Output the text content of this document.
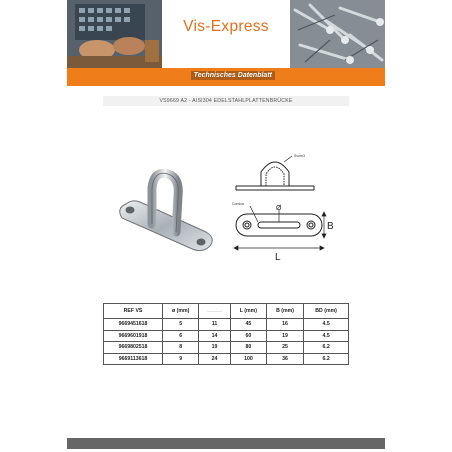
Vis-Express
Technisches Datenblatt
VS9669 A2 - AISI304 EDELSTAHLPLATTENBRÜCKE
Svom3
Comica
Ø
B
L
REF VS	ø (mm)	—————	L (mm)	B (mm)	BD (mm)
9669451618	5	11	45	16	4.5
9669601918	6	14	60	19	4.5
9669802518	8	19	80	25	6.2
9669113618	9	24	100	36	6.2
